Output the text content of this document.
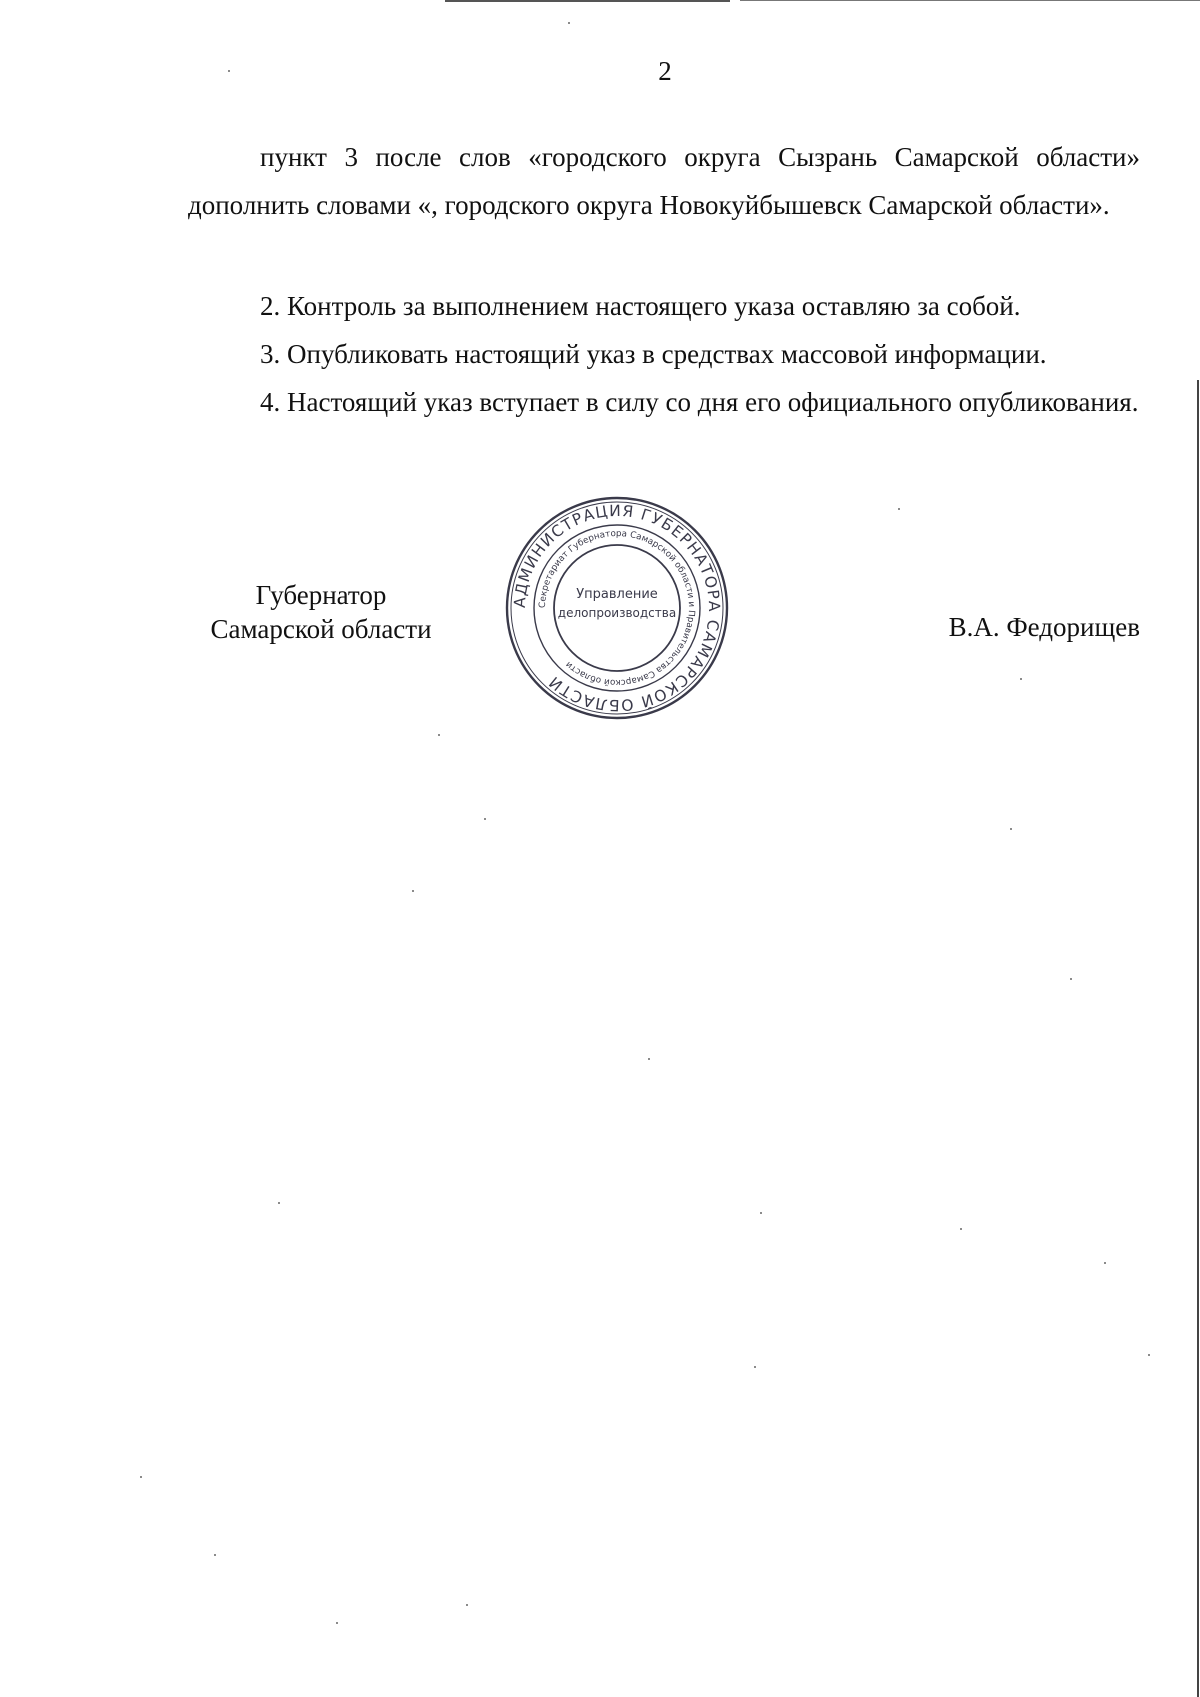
2

пункт 3 после слов «городского округа Сызрань Самарской области» дополнить словами «, городского округа Новокуйбышевск Самарской области».

2. Контроль за выполнением настоящего указа оставляю за собой.

3. Опубликовать настоящий указ в средствах массовой информации.

4. Настоящий указ вступает в силу со дня его официального опубликования.

Губернатор
Самарской области
АДМИНИСТРАЦИЯ ГУБЕРНАТОРА САМАРСКОЙ ОБЛАСТИ
Секретариат Губернатора Самарской области и Правительства Самарской области
Управление
делопроизводства	В.А. Федорищев
